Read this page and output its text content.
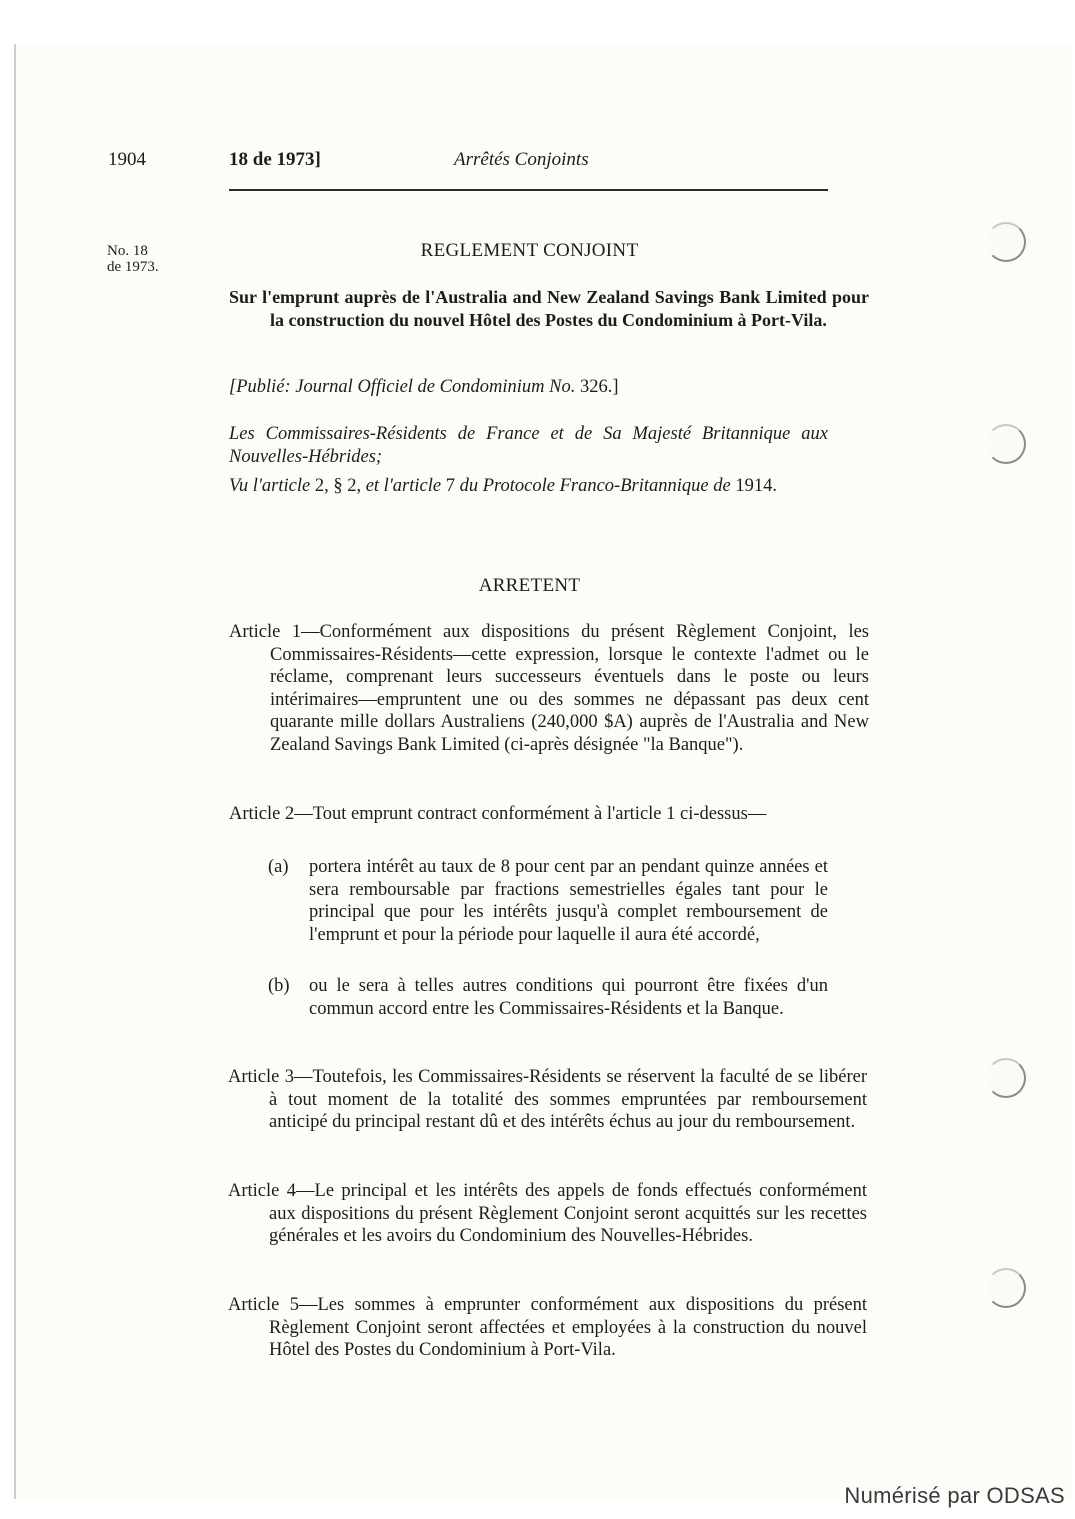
1904	18 de 1973]	Arrêtés Conjoints
No. 18
de 1973.
REGLEMENT CONJOINT
Sur l'emprunt auprès de l'Australia and New Zealand Savings Bank Limited pour la construction du nouvel Hôtel des Postes du Condominium à Port-Vila.
[Publié: Journal Officiel de Condominium No. 326.]
Les Commissaires-Résidents de France et de Sa Majesté Britannique aux Nouvelles-Hébrides;
Vu l'article 2, § 2, et l'article 7 du Protocole Franco-Britannique de 1914.
ARRETENT
Article 1—Conformément aux dispositions du présent Règlement Conjoint, les Commissaires-Résidents—cette expression, lorsque le contexte l'admet ou le réclame, comprenant leurs successeurs éventuels dans le poste ou leurs intérimaires—empruntent une ou des sommes ne dépassant pas deux cent quarante mille dollars Australiens (240,000 $A) auprès de l'Australia and New Zealand Savings Bank Limited (ci-après désignée "la Banque").
Article 2—Tout emprunt contract conformément à l'article 1 ci-dessus—
(a) portera intérêt au taux de 8 pour cent par an pendant quinze années et sera remboursable par fractions semestrielles égales tant pour le principal que pour les intérêts jusqu'à complet remboursement de l'emprunt et pour la période pour laquelle il aura été accordé,
(b) ou le sera à telles autres conditions qui pourront être fixées d'un commun accord entre les Commissaires-Résidents et la Banque.
Article 3—Toutefois, les Commissaires-Résidents se réservent la faculté de se libérer à tout moment de la totalité des sommes empruntées par remboursement anticipé du principal restant dû et des intérêts échus au jour du remboursement.
Article 4—Le principal et les intérêts des appels de fonds effectués conformément aux dispositions du présent Règlement Conjoint seront acquittés sur les recettes générales et les avoirs du Condominium des Nouvelles-Hébrides.
Article 5—Les sommes à emprunter conformément aux dispositions du présent Règlement Conjoint seront affectées et employées à la construction du nouvel Hôtel des Postes du Condominium à Port-Vila.
Numérisé par ODSAS
